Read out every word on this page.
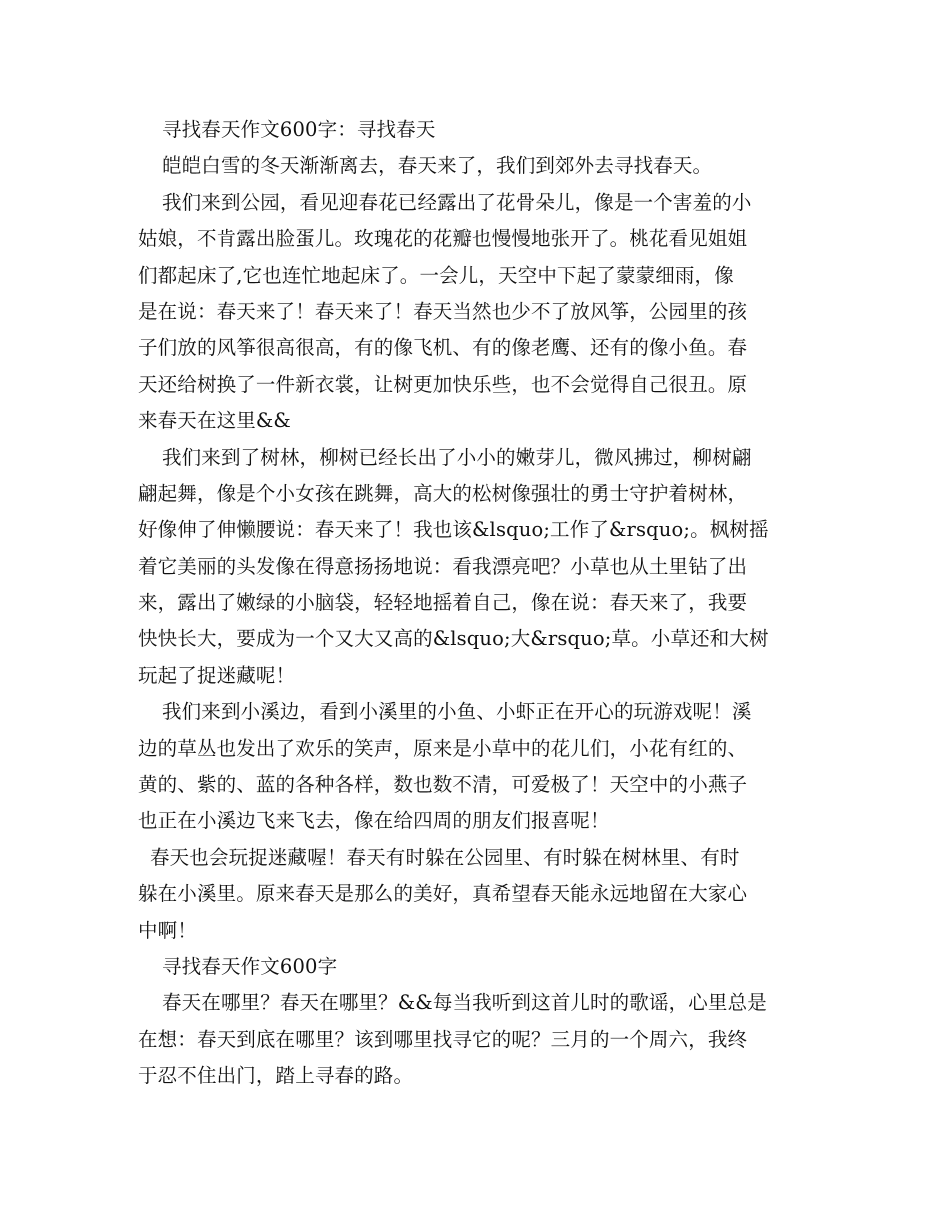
寻找春天作文600字：寻找春天
皑皑白雪的冬天渐渐离去，春天来了，我们到郊外去寻找春天。
我们来到公园，看见迎春花已经露出了花骨朵儿，像是一个害羞的小
姑娘，不肯露出脸蛋儿。玫瑰花的花瓣也慢慢地张开了。桃花看见姐姐
们都起床了,它也连忙地起床了。一会儿，天空中下起了蒙蒙细雨，像
是在说：春天来了！春天来了！春天当然也少不了放风筝，公园里的孩
子们放的风筝很高很高，有的像飞机、有的像老鹰、还有的像小鱼。春
天还给树换了一件新衣裳，让树更加快乐些，也不会觉得自己很丑。原
来春天在这里&&
我们来到了树林，柳树已经长出了小小的嫩芽儿，微风拂过，柳树翩
翩起舞，像是个小女孩在跳舞，高大的松树像强壮的勇士守护着树林，
好像伸了伸懒腰说：春天来了！我也该&lsquo;工作了&rsquo;。枫树摇
着它美丽的头发像在得意扬扬地说：看我漂亮吧？小草也从土里钻了出
来，露出了嫩绿的小脑袋，轻轻地摇着自己，像在说：春天来了，我要
快快长大，要成为一个又大又高的&lsquo;大&rsquo;草。小草还和大树
玩起了捉迷藏呢！
我们来到小溪边，看到小溪里的小鱼、小虾正在开心的玩游戏呢！溪
边的草丛也发出了欢乐的笑声，原来是小草中的花儿们，小花有红的、
黄的、紫的、蓝的各种各样，数也数不清，可爱极了！天空中的小燕子
也正在小溪边飞来飞去，像在给四周的朋友们报喜呢！
春天也会玩捉迷藏喔！春天有时躲在公园里、有时躲在树林里、有时
躲在小溪里。原来春天是那么的美好，真希望春天能永远地留在大家心
中啊！
寻找春天作文600字
春天在哪里？春天在哪里？&&每当我听到这首儿时的歌谣，心里总是
在想：春天到底在哪里？该到哪里找寻它的呢？三月的一个周六，我终
于忍不住出门，踏上寻春的路。
